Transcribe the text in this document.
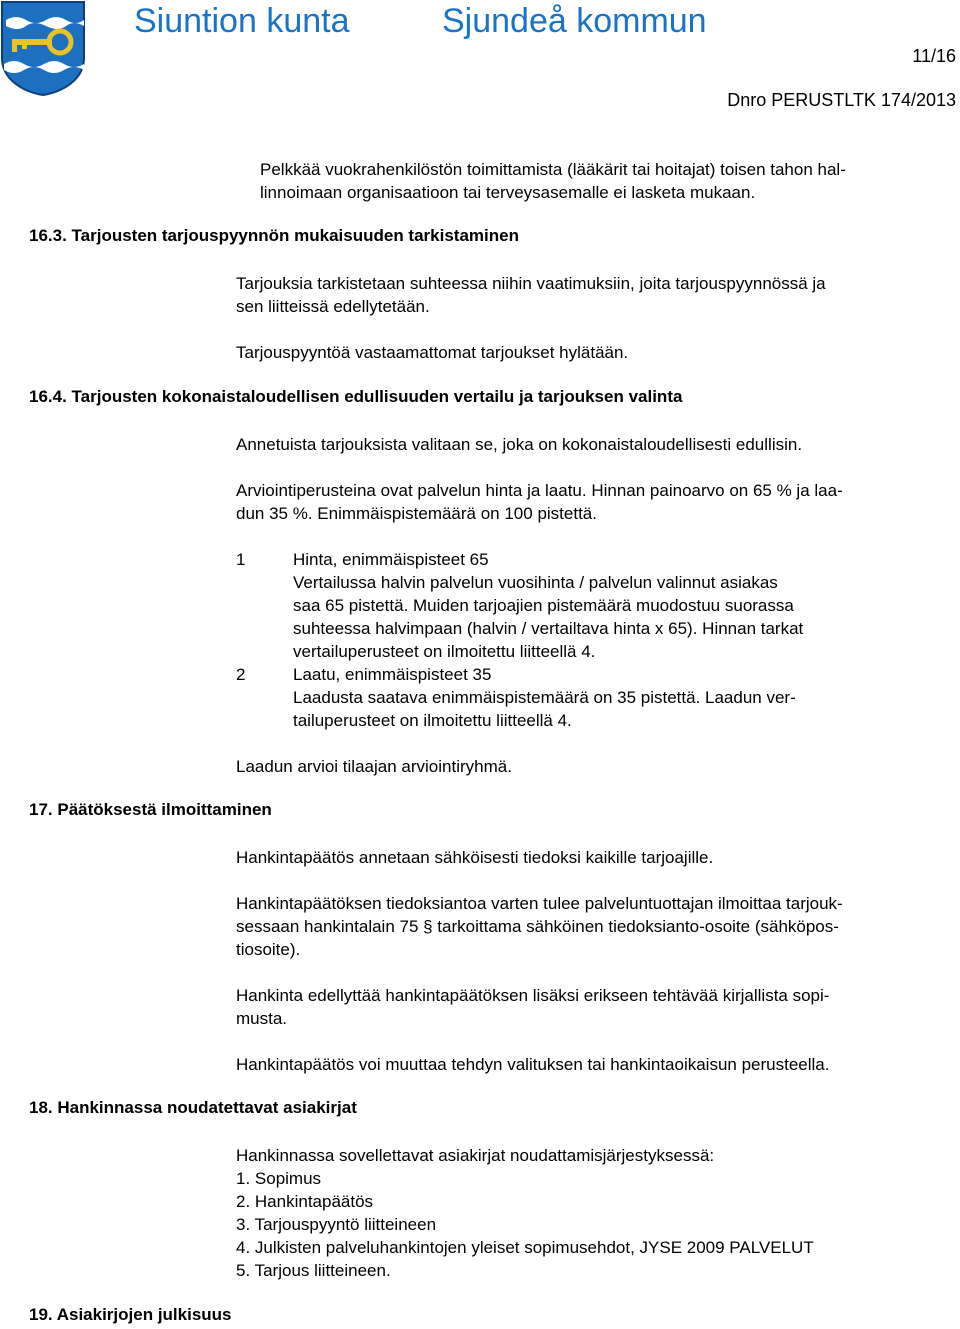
Siuntion kunta	Sjundeå kommun
11/16
Dnro PERUSTLTK 174/2013
Pelkkää vuokrahenkilöstön toimittamista (lääkärit tai hoitajat) toisen tahon hal-
linnoimaan organisaatioon tai terveysasemalle ei lasketa mukaan.
16.3. Tarjousten tarjouspyynnön mukaisuuden tarkistaminen
Tarjouksia tarkistetaan suhteessa niihin vaatimuksiin, joita tarjouspyynnössä ja
sen liitteissä edellytetään.
Tarjouspyyntöä vastaamattomat tarjoukset hylätään.
16.4. Tarjousten kokonaistaloudellisen edullisuuden vertailu ja tarjouksen valinta
Annetuista tarjouksista valitaan se, joka on kokonaistaloudellisesti edullisin.
Arviointiperusteina ovat palvelun hinta ja laatu. Hinnan painoarvo on 65 % ja laa-
dun 35 %. Enimmäispistemäärä on 100 pistettä.
1	Hinta, enimmäispisteet 65
Vertailussa halvin palvelun vuosihinta / palvelun valinnut asiakas
saa 65 pistettä. Muiden tarjoajien pistemäärä muodostuu suorassa
suhteessa halvimpaan (halvin / vertailtava hinta x 65). Hinnan tarkat
vertailuperusteet on ilmoitettu liitteellä 4.
2	Laatu, enimmäispisteet 35
Laadusta saatava enimmäispistemäärä on 35 pistettä. Laadun ver-
tailuperusteet on ilmoitettu liitteellä 4.
Laadun arvioi tilaajan arviointiryhmä.
17. Päätöksestä ilmoittaminen
Hankintapäätös annetaan sähköisesti tiedoksi kaikille tarjoajille.
Hankintapäätöksen tiedoksiantoa varten tulee palveluntuottajan ilmoittaa tarjouk-
sessaan hankintalain 75 § tarkoittama sähköinen tiedoksianto-osoite (sähköpos-
tiosoite).
Hankinta edellyttää hankintapäätöksen lisäksi erikseen tehtävää kirjallista sopi-
musta.
Hankintapäätös voi muuttaa tehdyn valituksen tai hankintaoikaisun perusteella.
18. Hankinnassa noudatettavat asiakirjat
Hankinnassa sovellettavat asiakirjat noudattamisjärjestyksessä:
1. Sopimus
2. Hankintapäätös
3. Tarjouspyyntö liitteineen
4. Julkisten palveluhankintojen yleiset sopimusehdot, JYSE 2009 PALVELUT
5. Tarjous liitteineen.
19. Asiakirjojen julkisuus
